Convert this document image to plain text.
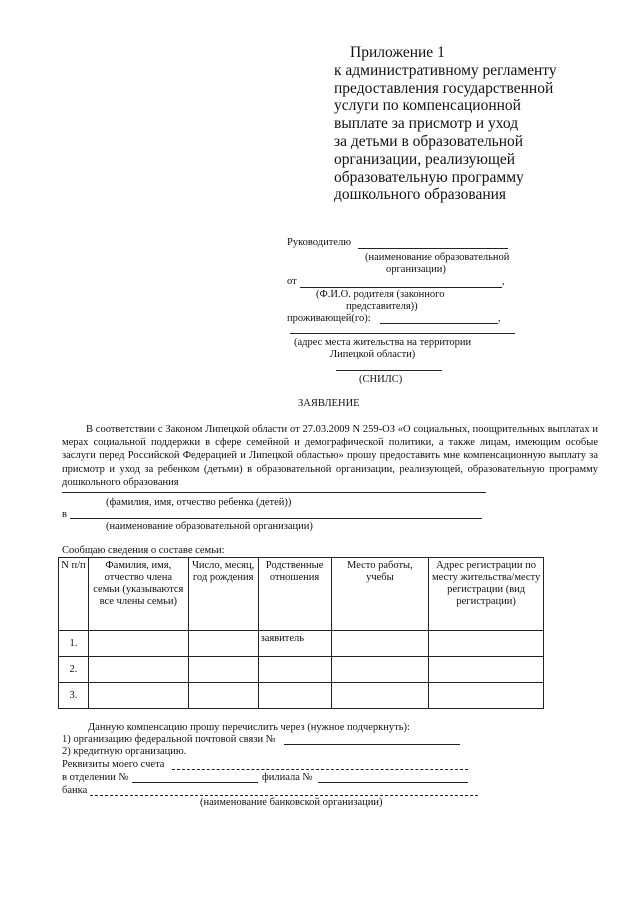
Приложение 1
к административному регламенту
предоставления государственной
услуги по компенсационной
выплате за присмотр и уход
за детьми в образовательной
организации, реализующей
образовательную программу
дошкольного образования
Руководителю
(наименование образовательной
организации)
от	,
(Ф.И.О. родителя (законного
представителя))
проживающей(го):	,
(адрес места жительства на территории
Липецкой области)
(СНИЛС)
ЗАЯВЛЕНИЕ
В соответствии с Законом Липецкой области от 27.03.2009 N 259-ОЗ «О социальных, поощрительных выплатах и мерах социальной поддержки в сфере семейной и демографической политики, а также лицам, имеющим особые заслуги перед Российской Федерацией и Липецкой областью» прошу предоставить мне компенсационную выплату за присмотр и уход за ребенком (детьми) в образовательной организации, реализующей, образовательную программу дошкольного образования
(фамилия, имя, отчество ребенка (детей))
в
(наименование образовательной организации)
Сообщаю сведения о составе семьи:
N п/п	Фамилия, имя, отчество члена семьи (указываются все члены семьи)	Число, месяц, год рождения	Родственные отношения	Место работы, учебы	Адрес регистрации по месту жительства/месту регистрации (вид регистрации)
1.			заявитель		
2.					
3.					
Данную компенсацию прошу перечислить через (нужное подчеркнуть):
1) организацию федеральной почтовой связи №
2) кредитную организацию.
Реквизиты моего счета
в отделении №	филиала №
банка
(наименование банковской организации)
